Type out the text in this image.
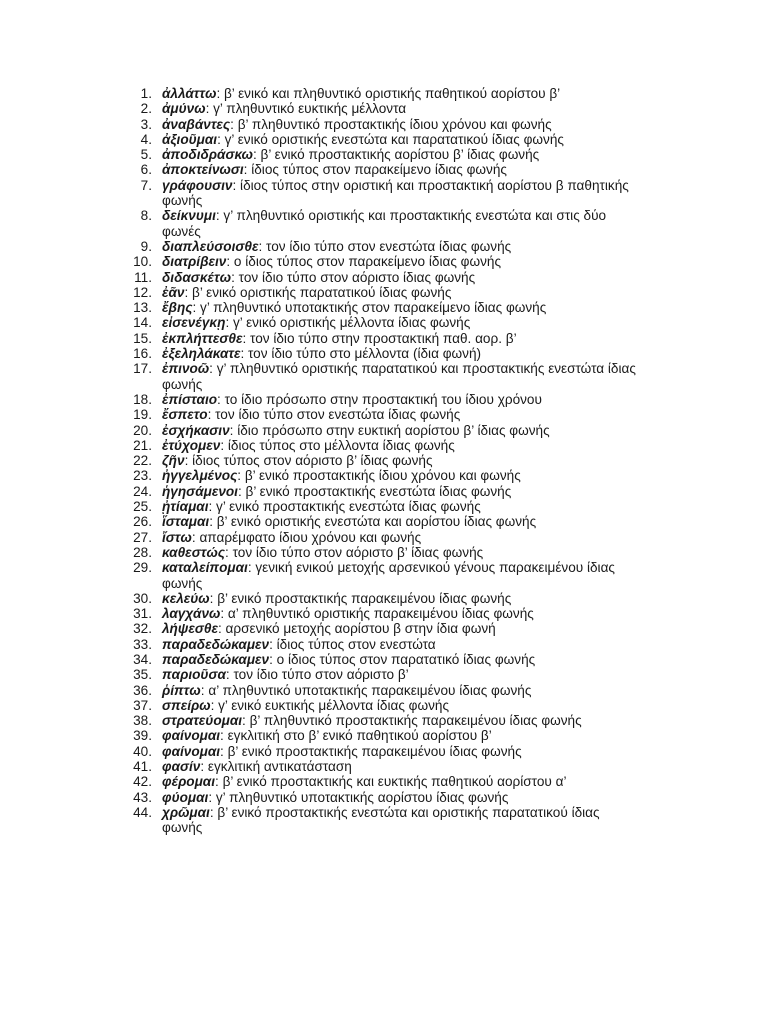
1. ἀλλάττω: β’ ενικό και πληθυντικό οριστικής παθητικού αορίστου β’
2. ἀμύνω: γ’ πληθυντικό ευκτικής μέλλοντα
3. ἀναβάντες: β’ πληθυντικό προστακτικής ίδιου χρόνου και φωνής
4. ἀξιοῦμαι: γ’ ενικό οριστικής ενεστώτα και παρατατικού ίδιας φωνής
5. ἀποδιδράσκω: β’ ενικό προστακτικής αορίστου β’ ίδιας φωνής
6. ἀποκτείνωσι: ίδιος τύπος στον παρακείμενο ίδιας φωνής
7. γράφουσιν: ίδιος τύπος στην οριστική και προστακτική αορίστου β παθητικής φωνής
8. δείκνυμι: γ’ πληθυντικό οριστικής και προστακτικής ενεστώτα και στις δύο φωνές
9. διαπλεύσοισθε: τον ίδιο τύπο στον ενεστώτα ίδιας φωνής
10. διατρίβειν: ο ίδιος τύπος στον παρακείμενο ίδιας φωνής
11. διδασκέτω: τον ίδιο τύπο στον αόριστο ίδιας φωνής
12. ἐᾶν: β’ ενικό οριστικής παρατατικού ίδιας φωνής
13. ἔβης: γ’ πληθυντικό υποτακτικής στον παρακείμενο ίδιας φωνής
14. εἰσενέγκῃ: γ’ ενικό οριστικής μέλλοντα ίδιας φωνής
15. ἐκπλήττεσθε: τον ίδιο τύπο στην προστακτική παθ. αορ. β’
16. ἐξεληλάκατε: τον ίδιο τύπο στο μέλλοντα (ίδια φωνή)
17. ἐπινοῶ: γ’ πληθυντικό οριστικής παρατατικού και προστακτικής ενεστώτα ίδιας φωνής
18. ἐπίσταιο: το ίδιο πρόσωπο στην προστακτική του ίδιου χρόνου
19. ἔσπετο: τον ίδιο τύπο στον ενεστώτα ίδιας φωνής
20. ἐσχήκασιν: ίδιο πρόσωπο στην ευκτική αορίστου β’ ίδιας φωνής
21. ἐτύχομεν: ίδιος τύπος στο μέλλοντα ίδιας φωνής
22. ζῆν: ίδιος τύπος στον αόριστο β’ ίδιας φωνής
23. ἠγγελμένος: β’ ενικό προστακτικής ίδιου χρόνου και φωνής
24. ἡγησάμενοι: β’ ενικό προστακτικής ενεστώτα ίδιας φωνής
25. ᾐτίαμαι: γ’ ενικό προστακτικής ενεστώτα ίδιας φωνής
26. ἵσταμαι: β’ ενικό οριστικής ενεστώτα και αορίστου ίδιας φωνής
27. ἴστω: απαρέμφατο ίδιου χρόνου και φωνής
28. καθεστώς: τον ίδιο τύπο στον αόριστο β’ ίδιας φωνής
29. καταλείπομαι: γενική ενικού μετοχής αρσενικού γένους παρακειμένου ίδιας φωνής
30. κελεύω: β’ ενικό προστακτικής παρακειμένου ίδιας φωνής
31. λαγχάνω: α’ πληθυντικό οριστικής παρακειμένου ίδιας φωνής
32. λήψεσθε: αρσενικό μετοχής αορίστου β στην ίδια φωνή
33. παραδεδώκαμεν: ίδιος τύπος στον ενεστώτα
34. παραδεδώκαμεν: ο ίδιος τύπος στον παρατατικό ίδιας φωνής
35. παριοῦσα: τον ίδιο τύπο στον αόριστο β’
36. ῥίπτω: α’ πληθυντικό υποτακτικής παρακειμένου ίδιας φωνής
37. σπείρω: γ’ ενικό ευκτικής μέλλοντα ίδιας φωνής
38. στρατεύομαι: β’ πληθυντικό προστακτικής παρακειμένου ίδιας φωνής
39. φαίνομαι: εγκλιτική στο β’ ενικό παθητικού αορίστου β’
40. φαίνομαι: β’ ενικό προστακτικής παρακειμένου ίδιας φωνής
41. φασίν: εγκλιτική αντικατάσταση
42. φέρομαι: β’ ενικό προστακτικής και ευκτικής παθητικού αορίστου α’
43. φύομαι: γ’ πληθυντικό υποτακτικής αορίστου ίδιας φωνής
44. χρῶμαι: β’ ενικό προστακτικής ενεστώτα και οριστικής παρατατικού ίδιας φωνής
